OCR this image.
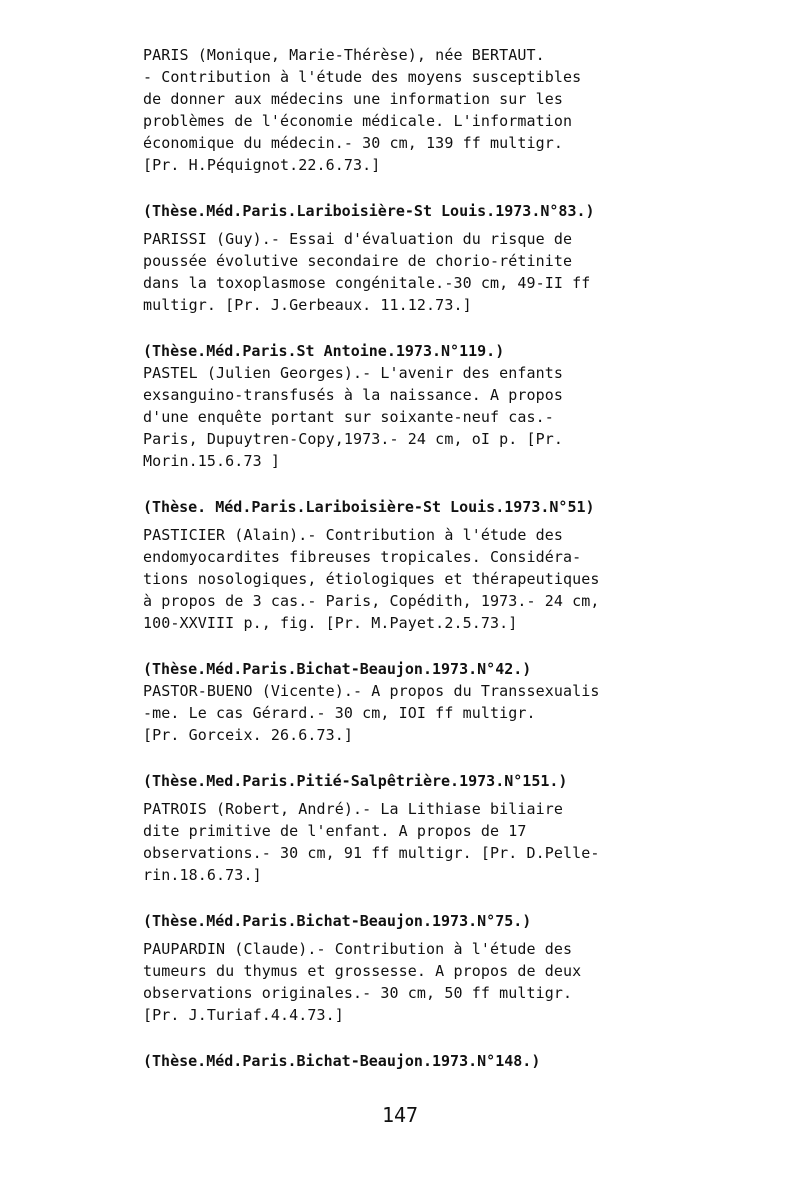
PARIS (Monique, Marie-Thérèse), née BERTAUT.
- Contribution à l'étude des moyens susceptibles
de donner aux médecins une information sur les
problèmes de l'économie médicale. L'information
économique du médecin.- 30 cm, 139 ff multigr.
[Pr. H.Péquignot.22.6.73.]
(Thèse.Méd.Paris.Lariboisière-St Louis.1973.N°83.)
PARISSI (Guy).- Essai d'évaluation du risque de
poussée évolutive secondaire de chorio-rétinite
dans la toxoplasmose congénitale.-30 cm, 49-II ff
multigr. [Pr. J.Gerbeaux. 11.12.73.]
(Thèse.Méd.Paris.St Antoine.1973.N°119.)
PASTEL (Julien Georges).- L'avenir des enfants
exsanguino-transfusés à la naissance. A propos
d'une enquête portant sur soixante-neuf cas.-
Paris, Dupuytren-Copy,1973.- 24 cm, oI p. [Pr.
Morin.15.6.73 ]
(Thèse. Méd.Paris.Lariboisière-St Louis.1973.N°51)
PASTICIER (Alain).- Contribution à l'étude des
endomyocardites fibreuses tropicales. Considéra-
tions nosologiques, étiologiques et thérapeutiques
à propos de 3 cas.- Paris, Copédith, 1973.- 24 cm,
100-XXVIII p., fig. [Pr. M.Payet.2.5.73.]
(Thèse.Méd.Paris.Bichat-Beaujon.1973.N°42.)
PASTOR-BUENO (Vicente).- A propos du Transsexualis
-me. Le cas Gérard.- 30 cm, IOI ff multigr.
[Pr. Gorceix. 26.6.73.]
(Thèse.Med.Paris.Pitié-Salpêtrière.1973.N°151.)
PATROIS (Robert, André).- La Lithiase biliaire
dite primitive de l'enfant. A propos de 17
observations.- 30 cm, 91 ff multigr. [Pr. D.Pelle-
rin.18.6.73.]
(Thèse.Méd.Paris.Bichat-Beaujon.1973.N°75.)
PAUPARDIN (Claude).- Contribution à l'étude des
tumeurs du thymus et grossesse. A propos de deux
observations originales.- 30 cm, 50 ff multigr.
[Pr. J.Turiaf.4.4.73.]
(Thèse.Méd.Paris.Bichat-Beaujon.1973.N°148.)
147
